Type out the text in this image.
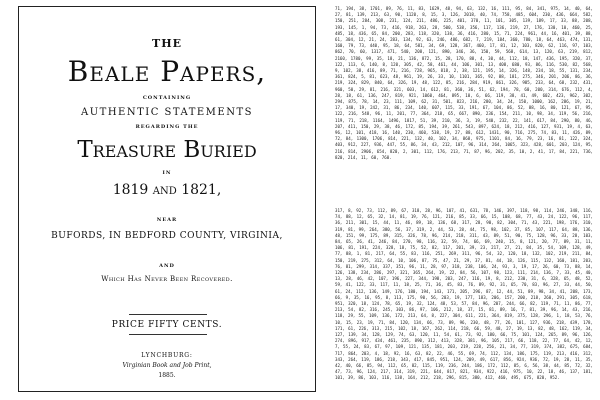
THE
Beale Papers,
CONTAINING
AUTHENTIC STATEMENTS
REGARDING THE
Treasure Buried
IN
1819 and 1821,
NEAR
BUFORDS, IN BEDFORD COUNTY, VIRGINIA,
AND
Which Has Never Been Recovered.
PRICE FIFTY CENTS.
LYNCHBURG:
Virginian Book and Job Print,
1885.
71, 194, 38, 1701, 89, 76, 11, 83, 1629, 48, 94, 63, 132, 16, 111, 95, 84, 341, 975, 14, 40, 64, 27, 81, 139, 213, 63, 90, 1120, 8, 15, 3, 126, 2018, 40, 74, 758, 485, 604, 230, 436, 664, 582, 150, 251, 284, 308, 231, 124, 211, 486, 225, 401, 370, 11, 101, 305, 139, 189, 17, 33, 88, 208, 193, 145, 1, 94, 73, 416, 918, 263, 28, 500, 538, 356, 117, 136, 219, 27, 176, 130, 10, 460, 25, 485, 18, 436, 65, 84, 200, 283, 118, 320, 138, 36, 416, 280, 15, 71, 224, 961, 44, 16, 401, 39, 88, 61, 304, 12, 21, 24, 283, 134, 92, 63, 246, 486, 682, 7, 219, 184, 360, 780, 18, 64, 463, 474, 131, 160, 79, 73, 440, 95, 18, 64, 581, 34, 69, 128, 367, 460, 17, 81, 12, 103, 820, 62, 116, 97, 103, 862, 70, 60, 1317, 471, 540, 208, 121, 890, 346, 36, 150, 59, 568, 614, 13, 120, 63, 219, 812, 2160, 1780, 99, 35, 18, 21, 136, 872, 15, 28, 170, 88, 4, 30, 44, 112, 18, 147, 436, 195, 320, 37, 122, 113, 6, 140, 8, 120, 305, 42, 58, 461, 44, 106, 301, 13, 408, 680, 93, 86, 116, 530, 82, 568, 9, 102, 38, 416, 89, 71, 216, 728, 965, 818, 2, 38, 121, 195, 14, 326, 148, 234, 18, 55, 131, 234, 361, 824, 5, 81, 623, 48, 961, 19, 26, 33, 10, 1101, 365, 92, 88, 181, 275, 346, 201, 206, 86, 36, 219, 324, 829, 840, 64, 326, 19, 48, 122, 85, 216, 284, 919, 861, 326, 985, 233, 64, 68, 232, 431, 960, 50, 29, 81, 216, 321, 603, 14, 612, 81, 360, 36, 51, 62, 194, 78, 60, 200, 314, 676, 112, 4, 28, 18, 61, 136, 247, 819, 921, 1060, 464, 895, 10, 6, 66, 119, 38, 41, 49, 602, 423, 962, 302, 294, 875, 78, 14, 23, 111, 109, 62, 31, 501, 823, 216, 280, 34, 24, 150, 1000, 162, 286, 19, 21, 17, 340, 19, 242, 31, 86, 234, 140, 607, 115, 33, 191, 67, 104, 86, 52, 88, 16, 80, 121, 67, 95, 122, 216, 548, 96, 11, 201, 77, 364, 218, 65, 667, 890, 236, 154, 211, 10, 98, 34, 119, 56, 216, 119, 71, 218, 1164, 1496, 1817, 51, 39, 210, 36, 3, 19, 540, 232, 22, 141, 617, 84, 290, 80, 46, 207, 411, 150, 29, 38, 46, 172, 85, 194, 39, 261, 543, 897, 624, 18, 212, 416, 127, 931, 19, 4, 63, 96, 12, 101, 418, 16, 140, 230, 460, 538, 19, 27, 88, 612, 1431, 90, 716, 275, 74, 83, 11, 426, 89, 72, 84, 1300, 1706, 814, 221, 132, 40, 102, 34, 868, 975, 1101, 84, 16, 79, 23, 16, 81, 122, 324, 403, 912, 227, 936, 447, 55, 86, 34, 43, 212, 107, 96, 314, 264, 1065, 323, 428, 601, 203, 124, 95, 216, 814, 2906, 654, 820, 2, 301, 112, 176, 213, 71, 87, 96, 202, 35, 10, 2, 41, 17, 84, 221, 736, 820, 214, 11, 60, 760.
317, 8, 92, 73, 112, 89, 67, 318, 28, 96, 107, 41, 631, 78, 146, 397, 118, 98, 114, 246, 348, 116, 74, 88, 12, 65, 32, 14, 81, 19, 76, 121, 216, 85, 33, 66, 15, 108, 68, 77, 43, 24, 122, 96, 117, 36, 211, 301, 15, 44, 11, 46, 89, 18, 136, 68, 317, 28, 90, 82, 304, 71, 43, 221, 198, 176, 310, 319, 81, 99, 264, 380, 56, 37, 319, 2, 44, 53, 28, 44, 75, 98, 102, 37, 85, 107, 117, 64, 88, 136, 48, 151, 99, 175, 89, 315, 326, 78, 96, 214, 218, 311, 43, 89, 51, 90, 75, 128, 96, 33, 28, 103, 84, 65, 26, 41, 246, 84, 270, 98, 116, 32, 59, 74, 66, 69, 240, 15, 8, 121, 20, 77, 89, 31, 11, 106, 81, 191, 224, 328, 18, 75, 52, 82, 117, 201, 39, 23, 217, 27, 21, 84, 35, 54, 109, 128, 49, 77, 88, 1, 81, 217, 64, 55, 83, 116, 251, 269, 311, 96, 54, 32, 120, 18, 132, 102, 219, 211, 84, 150, 219, 275, 312, 64, 10, 106, 87, 75, 47, 21, 29, 37, 81, 44, 18, 126, 115, 132, 160, 181, 203, 76, 81, 299, 314, 337, 351, 96, 11, 28, 97, 318, 238, 106, 24, 93, 3, 19, 17, 26, 60, 73, 88, 14, 126, 138, 234, 286, 297, 321, 365, 264, 19, 22, 84, 56, 107, 98, 123, 111, 214, 136, 7, 33, 45, 40, 13, 28, 46, 42, 107, 196, 227, 344, 198, 203, 247, 116, 19, 8, 212, 230, 31, 6, 328, 65, 48, 52, 59, 41, 122, 33, 117, 11, 18, 25, 71, 36, 45, 83, 76, 89, 92, 31, 65, 70, 83, 96, 27, 33, 44, 50, 61, 24, 112, 136, 149, 176, 180, 194, 143, 171, 205, 296, 87, 12, 44, 51, 89, 98, 34, 41, 208, 173, 66, 9, 35, 16, 95, 8, 113, 175, 90, 56, 203, 19, 177, 183, 206, 157, 200, 218, 260, 291, 305, 618, 951, 320, 18, 124, 78, 65, 19, 32, 124, 48, 53, 57, 84, 96, 207, 244, 66, 82, 119, 71, 11, 86, 77, 213, 54, 82, 316, 245, 303, 86, 97, 106, 212, 18, 37, 15, 81, 89, 16, 7, 81, 39, 96, 14, 43, 216, 118, 29, 55, 109, 136, 172, 213, 64, 8, 227, 304, 611, 221, 364, 819, 375, 128, 296, 1, 18, 53, 76, 10, 15, 23, 19, 71, 84, 120, 134, 66, 73, 89, 96, 230, 48, 77, 26, 101, 127, 936, 218, 439, 178, 171, 61, 226, 313, 215, 102, 18, 167, 262, 114, 218, 66, 59, 48, 27, 19, 13, 82, 48, 162, 119, 34, 127, 139, 34, 128, 129, 74, 63, 120, 11, 54, 61, 73, 92, 180, 66, 75, 101, 124, 265, 89, 96, 126, 274, 896, 917, 434, 461, 235, 890, 312, 413, 328, 381, 96, 105, 217, 66, 118, 22, 77, 64, 42, 12, 7, 55, 24, 83, 67, 97, 109, 121, 135, 181, 203, 219, 228, 256, 21, 34, 77, 319, 374, 382, 675, 684, 717, 864, 203, 4, 18, 92, 16, 63, 82, 22, 46, 55, 69, 74, 112, 134, 186, 175, 119, 213, 416, 312, 343, 264, 119, 186, 218, 343, 417, 845, 951, 124, 209, 49, 617, 856, 924, 936, 72, 19, 28, 11, 35, 42, 40, 66, 85, 94, 112, 65, 82, 115, 119, 236, 244, 186, 172, 112, 85, 6, 56, 38, 44, 85, 72, 32, 47, 73, 96, 124, 217, 314, 319, 221, 644, 817, 821, 934, 922, 416, 975, 10, 22, 18, 46, 137, 181, 101, 39, 86, 103, 116, 138, 164, 212, 218, 296, 815, 380, 412, 460, 495, 675, 820, 952.
